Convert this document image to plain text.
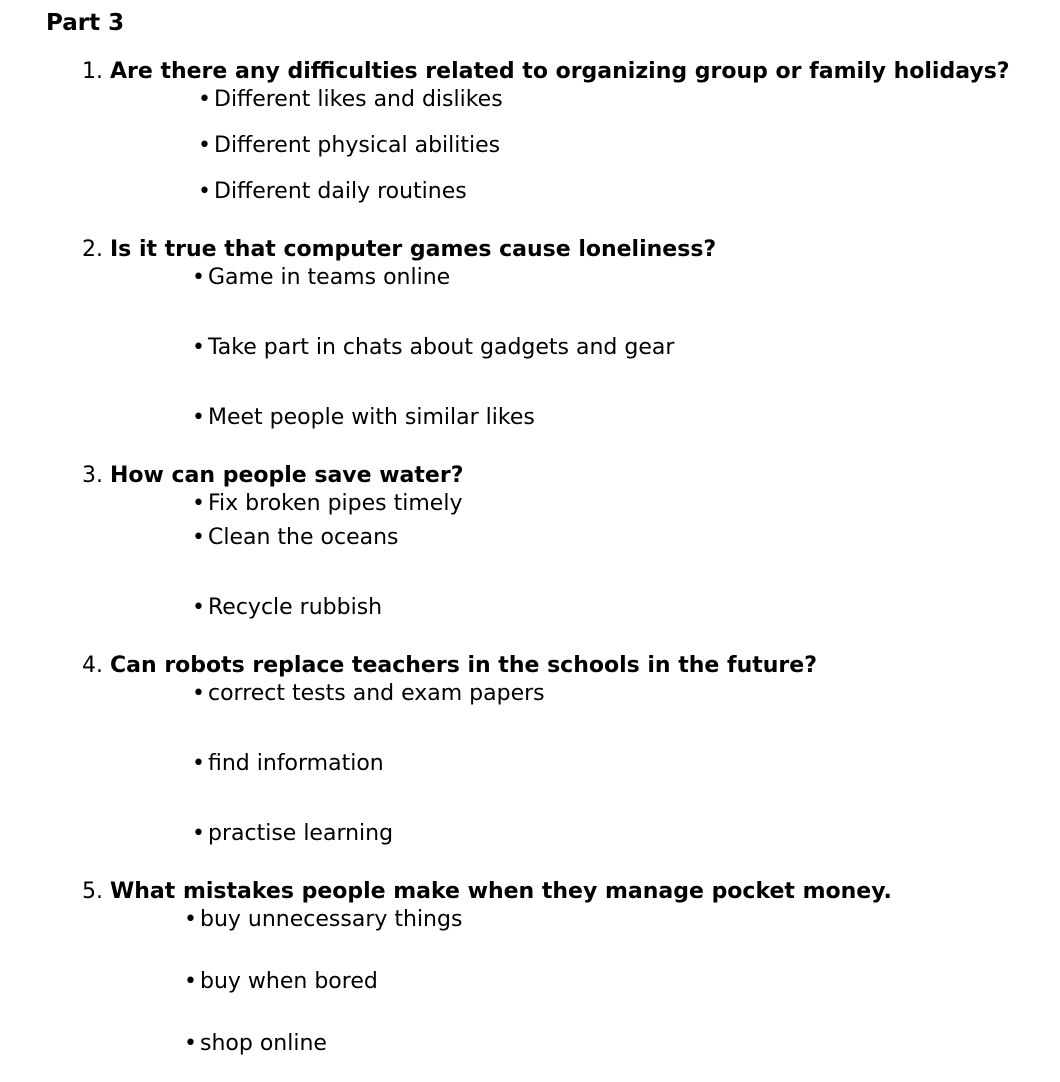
Part 3
1. Are there any difficulties related to organizing group or family holidays?
• Different likes and dislikes
• Different physical abilities
• Different daily routines
2. Is it true that computer games cause loneliness?
• Game in teams online
• Take part in chats about gadgets and gear
• Meet people with similar likes
3. How can people save water?
• Fix broken pipes timely
• Clean the oceans
• Recycle rubbish
4. Can robots replace teachers in the schools in the future?
• correct tests and exam papers
• find information
• practise learning
5. What mistakes people make when they manage pocket money.
• buy unnecessary things
• buy when bored
• shop online
